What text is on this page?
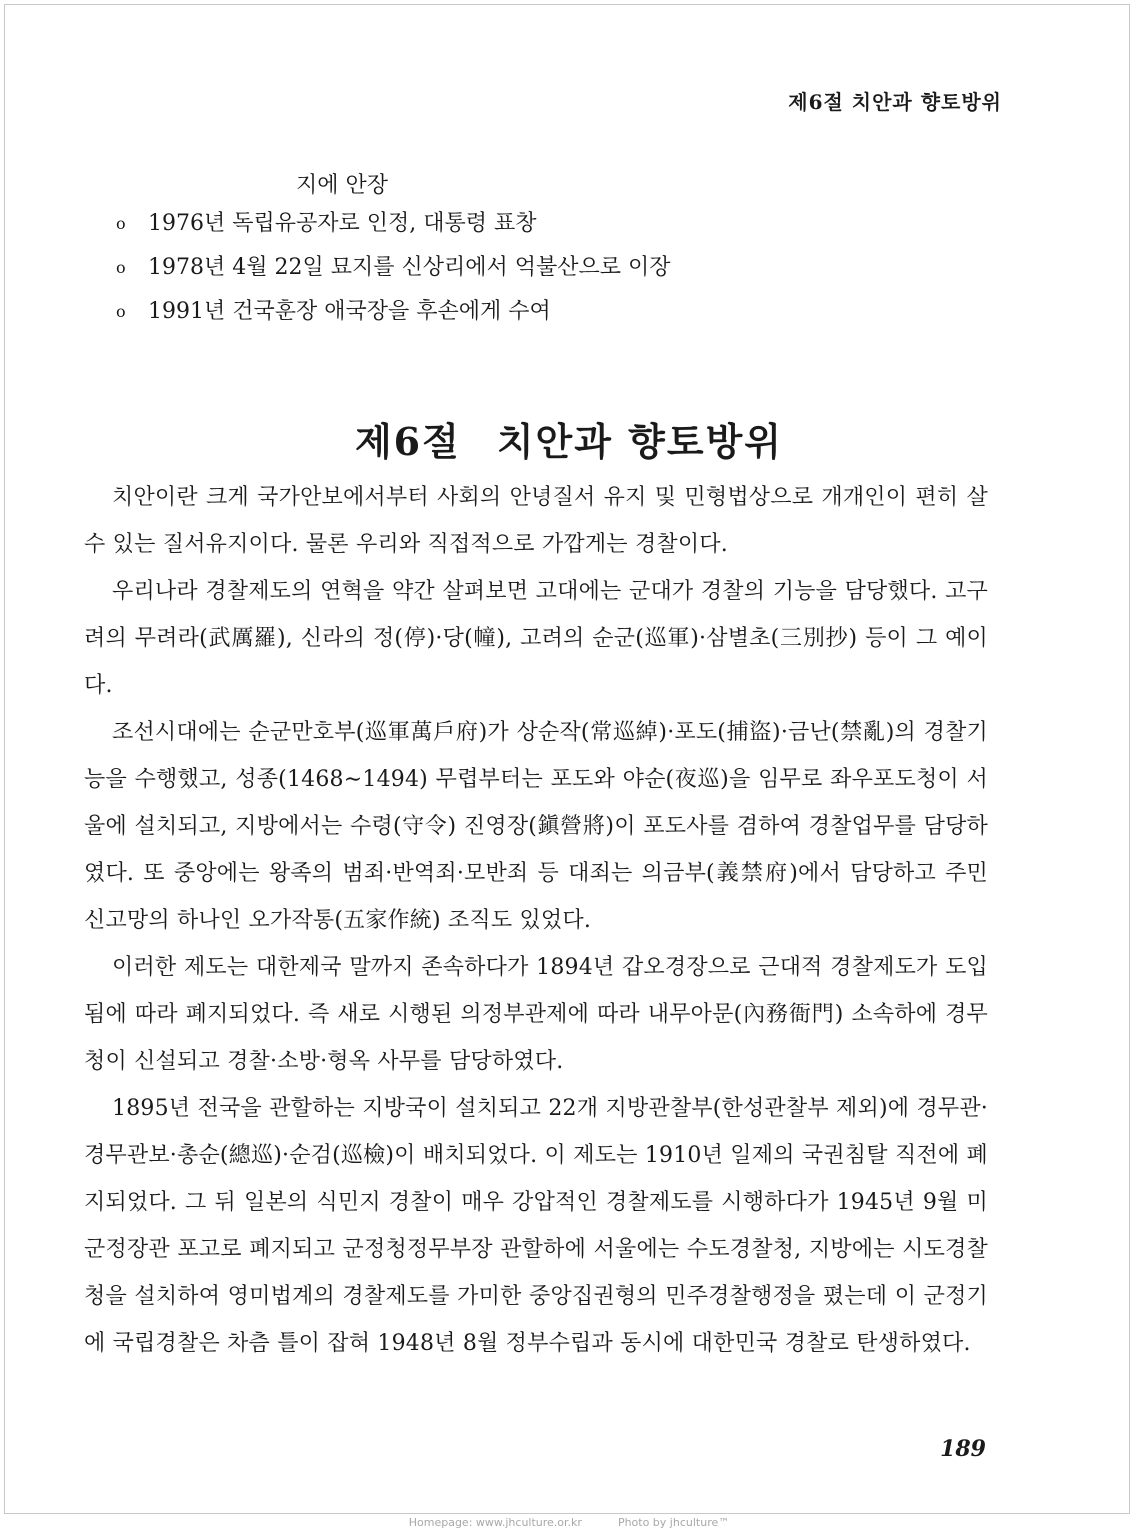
제6절 치안과 향토방위
지에 안장
o 1976년 독립유공자로 인정, 대통령 표창
o 1978년 4월 22일 묘지를 신상리에서 억불산으로 이장
o 1991년 건국훈장 애국장을 후손에게 수여
제6절 치안과 향토방위

치안이란 크게 국가안보에서부터 사회의 안녕질서 유지 및 민형법상으로 개개인이 편히 살 수 있는 질서유지이다. 물론 우리와 직접적으로 가깝게는 경찰이다.

우리나라 경찰제도의 연혁을 약간 살펴보면 고대에는 군대가 경찰의 기능을 담당했다. 고구려의 무려라(武厲羅), 신라의 정(停)·당(幢), 고려의 순군(巡軍)·삼별초(三別抄) 등이 그 예이다.

조선시대에는 순군만호부(巡軍萬戶府)가 상순작(常巡綽)·포도(捕盜)·금난(禁亂)의 경찰기능을 수행했고, 성종(1468∼1494) 무렵부터는 포도와 야순(夜巡)을 임무로 좌우포도청이 서울에 설치되고, 지방에서는 수령(守令) 진영장(鎭營將)이 포도사를 겸하여 경찰업무를 담당하였다. 또 중앙에는 왕족의 범죄·반역죄·모반죄 등 대죄는 의금부(義禁府)에서 담당하고 주민 신고망의 하나인 오가작통(五家作統) 조직도 있었다.

이러한 제도는 대한제국 말까지 존속하다가 1894년 갑오경장으로 근대적 경찰제도가 도입됨에 따라 폐지되었다. 즉 새로 시행된 의정부관제에 따라 내무아문(內務衙門) 소속하에 경무청이 신설되고 경찰·소방·형옥 사무를 담당하였다.

1895년 전국을 관할하는 지방국이 설치되고 22개 지방관찰부(한성관찰부 제외)에 경무관·경무관보·총순(總巡)·순검(巡檢)이 배치되었다. 이 제도는 1910년 일제의 국권침탈 직전에 폐지되었다. 그 뒤 일본의 식민지 경찰이 매우 강압적인 경찰제도를 시행하다가 1945년 9월 미군정장관 포고로 폐지되고 군정청정무부장 관할하에 서울에는 수도경찰청, 지방에는 시도경찰청을 설치하여 영미법계의 경찰제도를 가미한 중앙집권형의 민주경찰행정을 폈는데 이 군정기에 국립경찰은 차츰 틀이 잡혀 1948년 8월 정부수립과 동시에 대한민국 경찰로 탄생하였다.

189
Homepage: www.jhculture.or.kr	Photo by jhculture™
